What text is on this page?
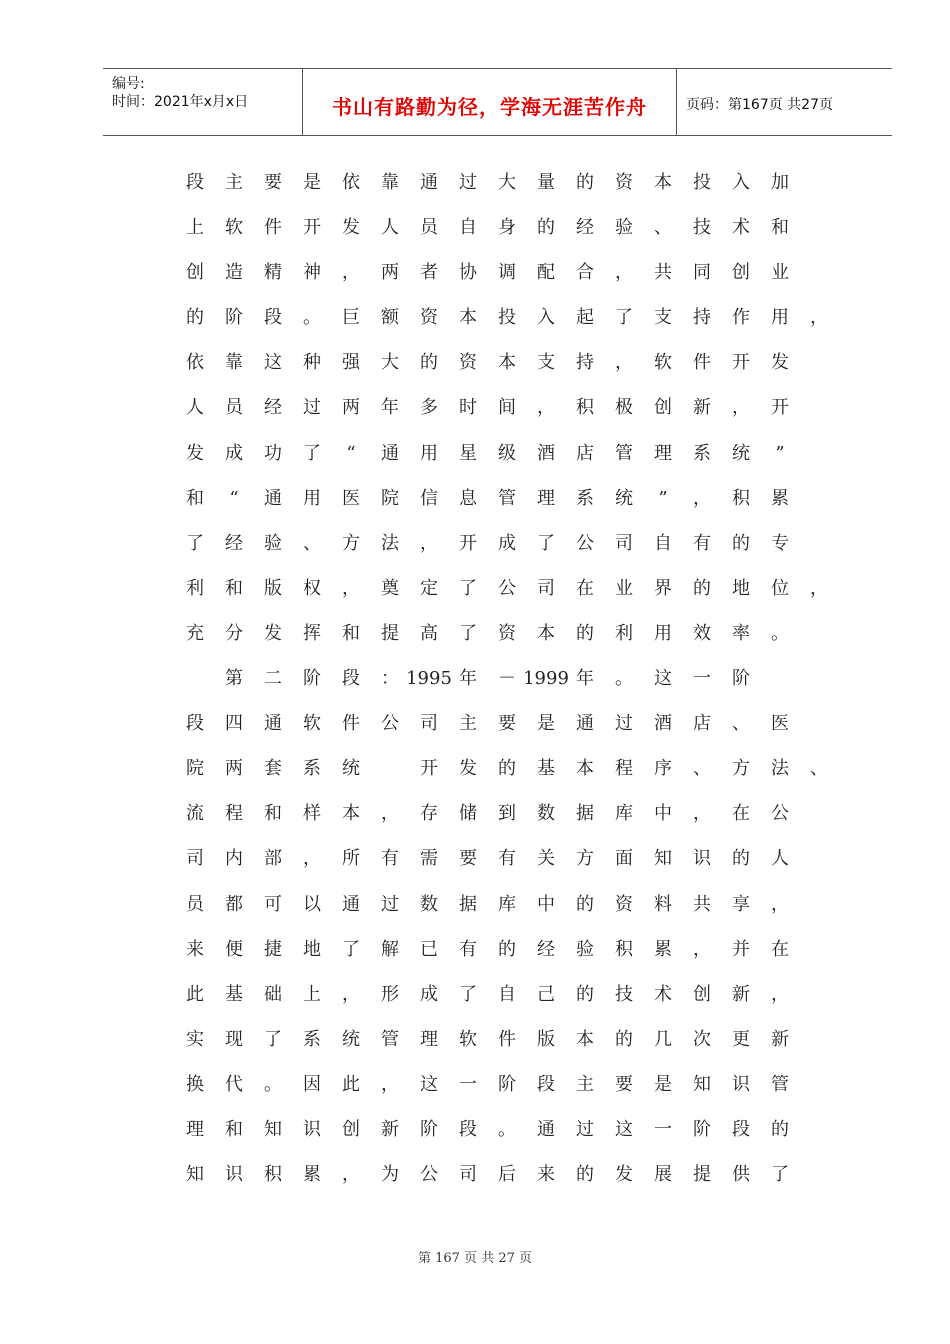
编号:
时间：2021年x月x日	书山有路勤为径，学海无涯苦作舟	页码：第167页 共27页
段 主 要 是 依 靠 通 过 大 量 的 资 本 投 入 加
上 软 件 开 发 人 员 自 身 的 经 验 、 技 术 和
创 造 精 神 ， 两 者 协 调 配 合 ， 共 同 创 业
的 阶 段 。 巨 额 资 本 投 入 起 了 支 持 作 用 ，
依 靠 这 种 强 大 的 资 本 支 持 ， 软 件 开 发
人 员 经 过 两 年 多 时 间 ， 积 极 创 新 ， 开
发 成 功 了	“	通 用 星 级 酒 店 管 理 系 统	”
和	“	通 用 医 院 信 息 管 理 系 统	”	， 积 累
了 经 验 、 方 法 ， 开 成 了 公 司 自 有 的 专
利 和 版 权 ， 奠 定 了 公 司 在 业 界 的 地 位 ，
充 分 发 挥 和 提 高 了 资 本 的 利 用 效 率 。
第 二 阶 段 ： 1995 年 － 1999 年 。 这 一 阶
段 四 通 软 件 公 司 主 要 是 通 过 酒 店 、 医
院 两 套 系 统	开 发 的 基 本 程 序 、 方 法 、
流 程 和 样 本 ， 存 储 到 数 据 库 中 ， 在 公
司 内 部 ， 所 有 需 要 有 关 方 面 知 识 的 人
员 都 可 以 通 过 数 据 库 中 的 资 料 共 享 ，
来 便 捷 地 了 解 已 有 的 经 验 积 累 ， 并 在
此 基 础 上 ， 形 成 了 自 己 的 技 术 创 新 ，
实 现 了 系 统 管 理 软 件 版 本 的 几 次 更 新
换 代 。 因 此 ， 这 一 阶 段 主 要 是 知 识 管
理 和 知 识 创 新 阶 段 。 通 过 这 一 阶 段 的
知 识 积 累 ， 为 公 司 后 来 的 发 展 提 供 了
第 167 页 共 27 页
